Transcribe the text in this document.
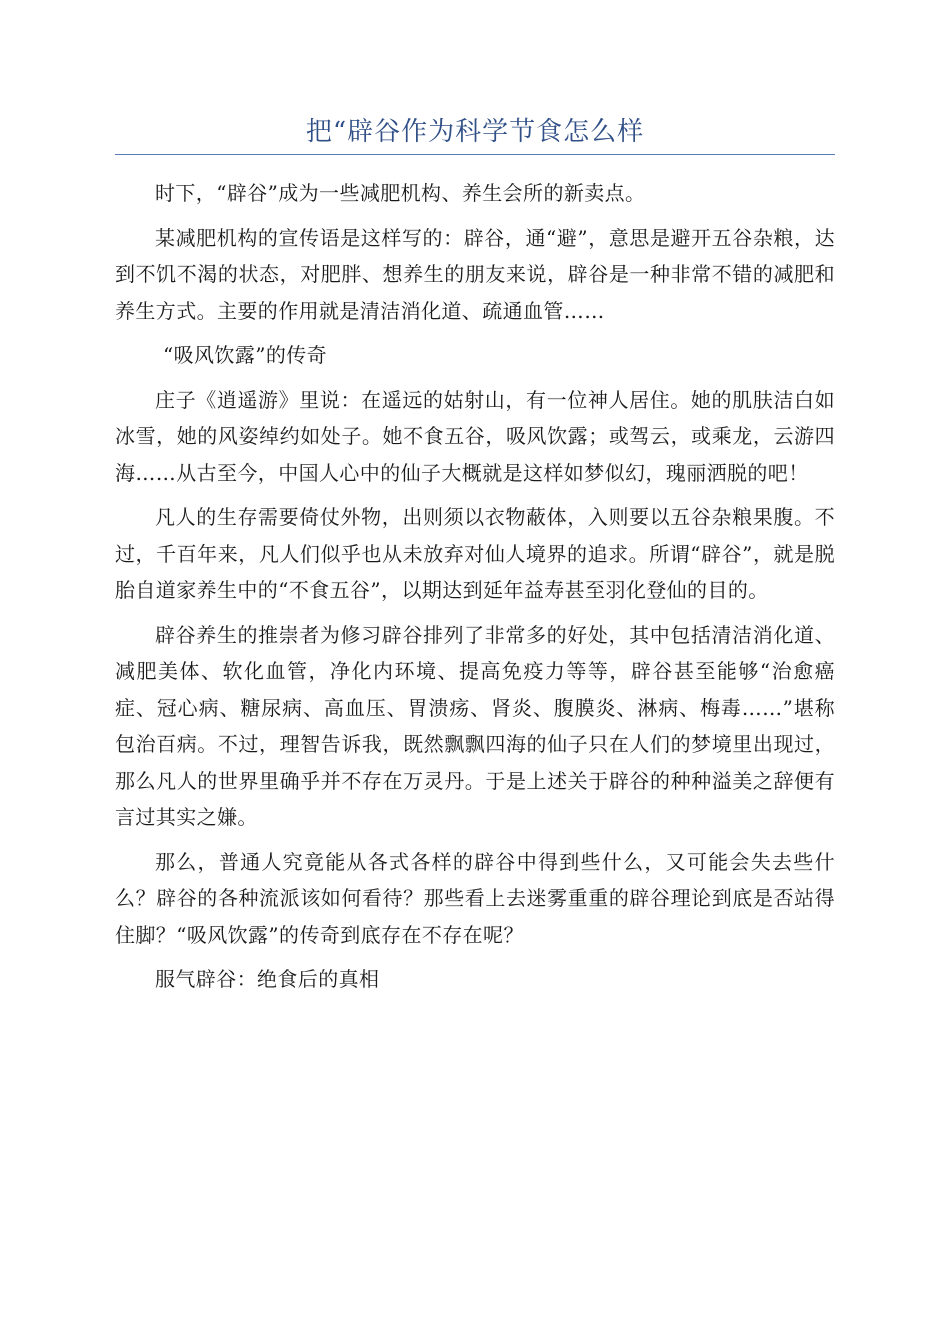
把“辟谷作为科学节食怎么样

时下，“辟谷”成为一些减肥机构、养生会所的新卖点。

某减肥机构的宣传语是这样写的：辟谷，通“避”，意思是避开五谷杂粮，达到不饥不渴的状态，对肥胖、想养生的朋友来说，辟谷是一种非常不错的减肥和养生方式。主要的作用就是清洁消化道、疏通血管……

“吸风饮露”的传奇

庄子《逍遥游》里说：在遥远的姑射山，有一位神人居住。她的肌肤洁白如冰雪，她的风姿绰约如处子。她不食五谷，吸风饮露；或驾云，或乘龙，云游四海……从古至今，中国人心中的仙子大概就是这样如梦似幻，瑰丽洒脱的吧！

凡人的生存需要倚仗外物，出则须以衣物蔽体，入则要以五谷杂粮果腹。不过，千百年来，凡人们似乎也从未放弃对仙人境界的追求。所谓“辟谷”，就是脱胎自道家养生中的“不食五谷”，以期达到延年益寿甚至羽化登仙的目的。

辟谷养生的推崇者为修习辟谷排列了非常多的好处，其中包括清洁消化道、减肥美体、软化血管，净化内环境、提高免疫力等等，辟谷甚至能够“治愈癌症、冠心病、糖尿病、高血压、胃溃疡、肾炎、腹膜炎、淋病、梅毒……”堪称包治百病。不过，理智告诉我，既然飘飘四海的仙子只在人们的梦境里出现过，那么凡人的世界里确乎并不存在万灵丹。于是上述关于辟谷的种种溢美之辞便有言过其实之嫌。

那么，普通人究竟能从各式各样的辟谷中得到些什么，又可能会失去些什么？辟谷的各种流派该如何看待？那些看上去迷雾重重的辟谷理论到底是否站得住脚？“吸风饮露”的传奇到底存在不存在呢？

服气辟谷：绝食后的真相
